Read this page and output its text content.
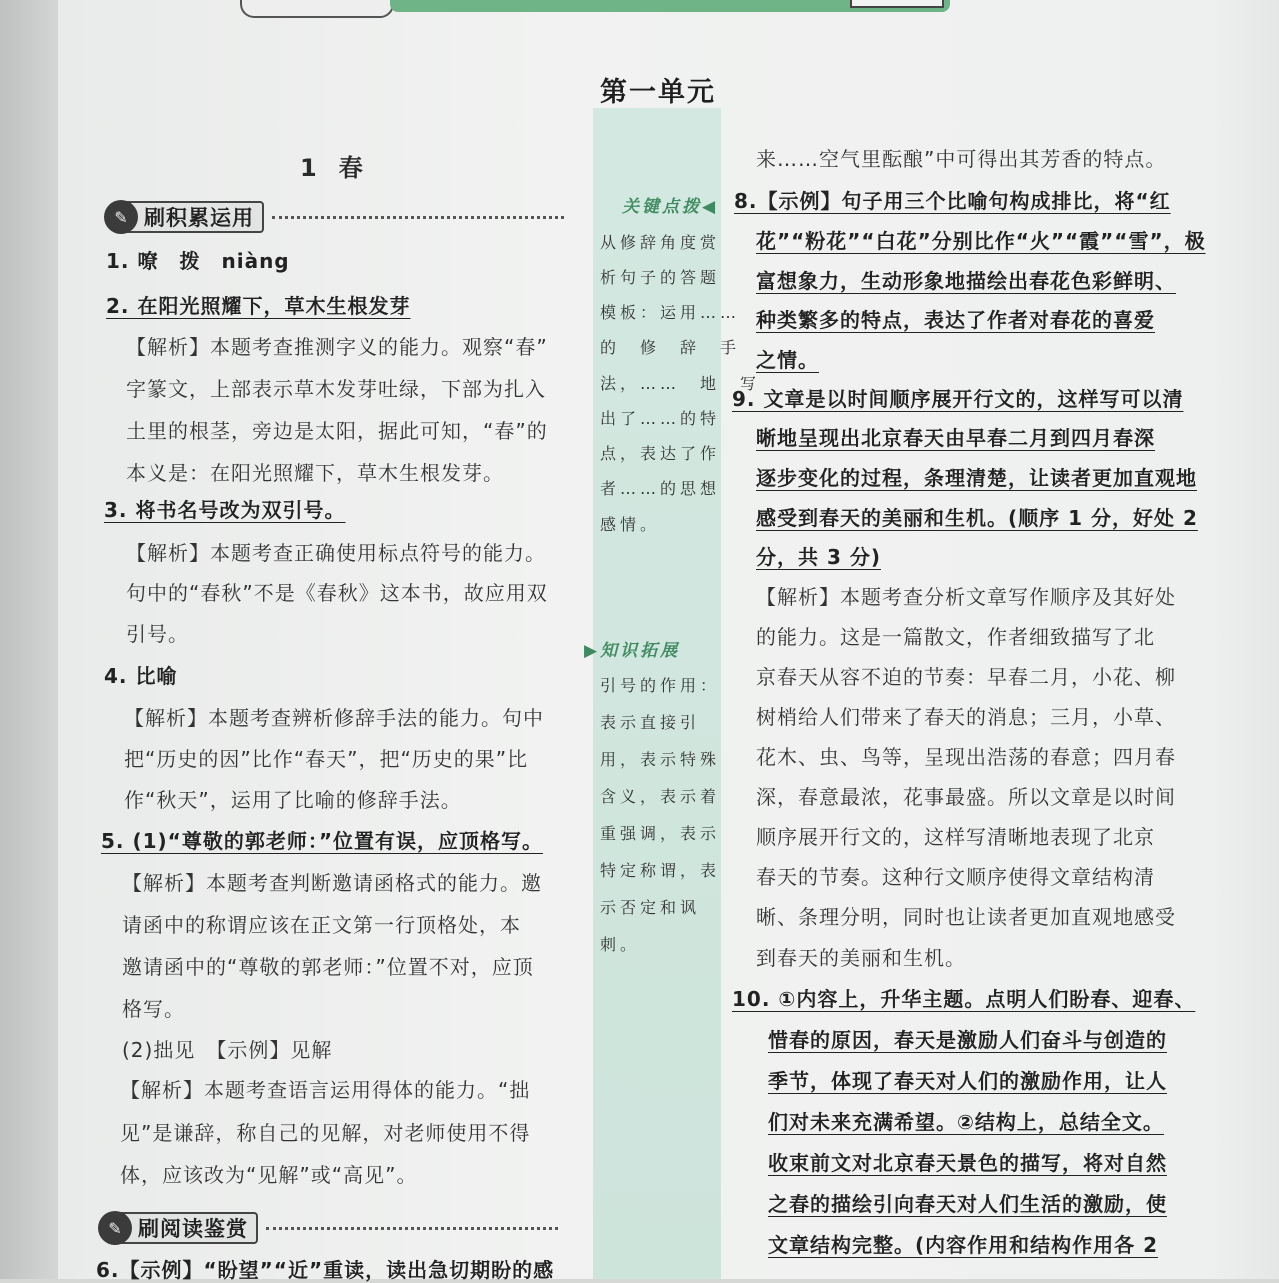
第一单元
1 春
✎ 刷积累运用
1. 嘹　拨　niàng
2. 在阳光照耀下，草木生根发芽
【解析】本题考查推测字义的能力。观察“春”
字篆文，上部表示草木发芽吐绿，下部为扎入
土里的根茎，旁边是太阳，据此可知，“春”的
本义是：在阳光照耀下，草木生根发芽。
3. 将书名号改为双引号。
【解析】本题考查正确使用标点符号的能力。
句中的“春秋”不是《春秋》这本书，故应用双
引号。
4. 比喻
【解析】本题考查辨析修辞手法的能力。句中
把“历史的因”比作“春天”，把“历史的果”比
作“秋天”，运用了比喻的修辞手法。
5. (1)“尊敬的郭老师：”位置有误，应顶格写。
【解析】本题考查判断邀请函格式的能力。邀
请函中的称谓应该在正文第一行顶格处，本
邀请函中的“尊敬的郭老师：”位置不对，应顶
格写。
(2)拙见　【示例】见解
【解析】本题考查语言运用得体的能力。“拙
见”是谦辞，称自己的见解，对老师使用不得
体，应该改为“见解”或“高见”。
✎ 刷阅读鉴赏
6.【示例】“盼望”“近”重读，读出急切期盼的感
关键点拨◀
从修辞角度赏
析句子的答题
模板：运用……
的　修　辞　手
法，……　地　写
出了……的特
点，表达了作
者……的思想
感情。
▶知识拓展
引号的作用：
表示直接引
用，表示特殊
含义，表示着
重强调，表示
特定称谓，表
示否定和讽
刺。
来……空气里酝酿”中可得出其芳香的特点。
8.【示例】句子用三个比喻句构成排比，将“红
花”“粉花”“白花”分别比作“火”“霞”“雪”，极
富想象力，生动形象地描绘出春花色彩鲜明、
种类繁多的特点，表达了作者对春花的喜爱
之情。
9. 文章是以时间顺序展开行文的，这样写可以清
晰地呈现出北京春天由早春二月到四月春深
逐步变化的过程，条理清楚，让读者更加直观地
感受到春天的美丽和生机。(顺序 1 分，好处 2
分，共 3 分)
【解析】本题考查分析文章写作顺序及其好处
的能力。这是一篇散文，作者细致描写了北
京春天从容不迫的节奏：早春二月，小花、柳
树梢给人们带来了春天的消息；三月，小草、
花木、虫、鸟等，呈现出浩荡的春意；四月春
深，春意最浓，花事最盛。所以文章是以时间
顺序展开行文的，这样写清晰地表现了北京
春天的节奏。这种行文顺序使得文章结构清
晰、条理分明，同时也让读者更加直观地感受
到春天的美丽和生机。
10. ①内容上，升华主题。点明人们盼春、迎春、
惜春的原因，春天是激励人们奋斗与创造的
季节，体现了春天对人们的激励作用，让人
们对未来充满希望。②结构上，总结全文。
收束前文对北京春天景色的描写，将对自然
之春的描绘引向春天对人们生活的激励，使
文章结构完整。(内容作用和结构作用各 2
